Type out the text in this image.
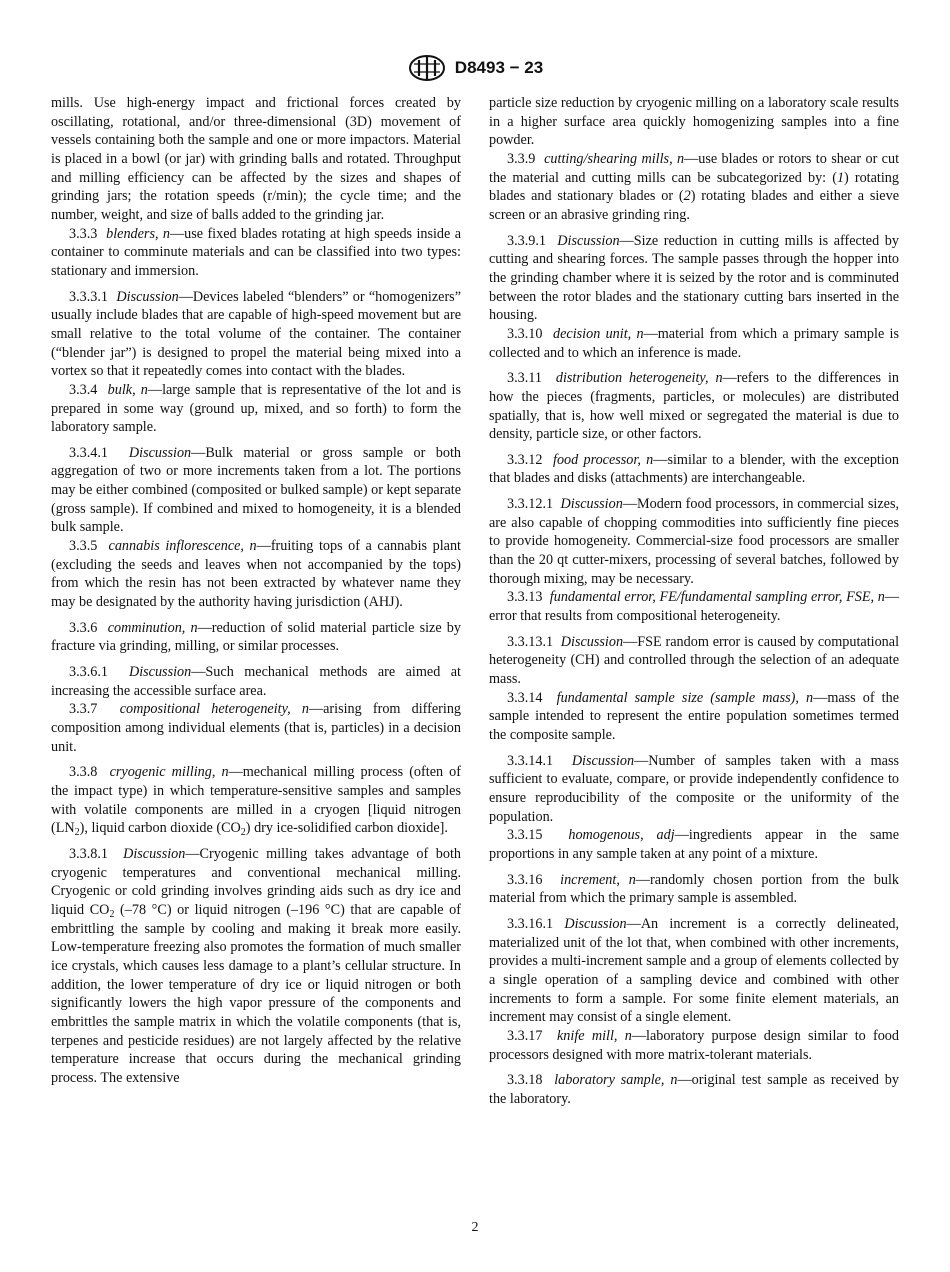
D8493 − 23

mills. Use high-energy impact and frictional forces created by oscillating, rotational, and/or three-dimensional (3D) movement of vessels containing both the sample and one or more impactors. Material is placed in a bowl (or jar) with grinding balls and rotated. Throughput and milling efficiency can be affected by the sizes and shapes of grinding jars; the rotation speeds (r/min); the cycle time; and the number, weight, and size of balls added to the grinding jar.

3.3.3 blenders, n—use fixed blades rotating at high speeds inside a container to comminute materials and can be classified into two types: stationary and immersion.

3.3.3.1 Discussion—Devices labeled “blenders” or “homogenizers” usually include blades that are capable of high-speed movement but are small relative to the total volume of the container. The container (“blender jar”) is designed to propel the material being mixed into a vortex so that it repeatedly comes into contact with the blades.

3.3.4 bulk, n—large sample that is representative of the lot and is prepared in some way (ground up, mixed, and so forth) to form the laboratory sample.

3.3.4.1 Discussion—Bulk material or gross sample or both aggregation of two or more increments taken from a lot. The portions may be either combined (composited or bulked sample) or kept separate (gross sample). If combined and mixed to homogeneity, it is a blended bulk sample.

3.3.5 cannabis inflorescence, n—fruiting tops of a cannabis plant (excluding the seeds and leaves when not accompanied by the tops) from which the resin has not been extracted by whatever name they may be designated by the authority having jurisdiction (AHJ).

3.3.6 comminution, n—reduction of solid material particle size by fracture via grinding, milling, or similar processes.

3.3.6.1 Discussion—Such mechanical methods are aimed at increasing the accessible surface area.

3.3.7 compositional heterogeneity, n—arising from differing composition among individual elements (that is, particles) in a decision unit.

3.3.8 cryogenic milling, n—mechanical milling process (often of the impact type) in which temperature-sensitive samples and samples with volatile components are milled in a cryogen [liquid nitrogen $(LN_2)$, liquid carbon dioxide $(CO_2)$ dry ice-solidified carbon dioxide].

3.3.8.1 Discussion—Cryogenic milling takes advantage of both cryogenic temperatures and conventional mechanical milling. Cryogenic or cold grinding involves grinding aids such as dry ice and liquid $CO_2$ (–78 °C) or liquid nitrogen (–196 °C) that are capable of embrittling the sample by cooling and making it break more easily. Low-temperature freezing also promotes the formation of much smaller ice crystals, which causes less damage to a plant’s cellular structure. In addition, the lower temperature of dry ice or liquid nitrogen or both significantly lowers the high vapor pressure of the components and embrittles the sample matrix in which the volatile components (that is, terpenes and pesticide residues) are not largely affected by the relative temperature increase that occurs during the mechanical grinding process. The extensive

particle size reduction by cryogenic milling on a laboratory scale results in a higher surface area quickly homogenizing samples into a fine powder.

3.3.9 cutting/shearing mills, n—use blades or rotors to shear or cut the material and cutting mills can be subcategorized by: (1) rotating blades and stationary blades or (2) rotating blades and either a sieve screen or an abrasive grinding ring.

3.3.9.1 Discussion—Size reduction in cutting mills is affected by cutting and shearing forces. The sample passes through the hopper into the grinding chamber where it is seized by the rotor and is comminuted between the rotor blades and the stationary cutting bars inserted in the housing.

3.3.10 decision unit, n—material from which a primary sample is collected and to which an inference is made.

3.3.11 distribution heterogeneity, n—refers to the differences in how the pieces (fragments, particles, or molecules) are distributed spatially, that is, how well mixed or segregated the material is due to density, particle size, or other factors.

3.3.12 food processor, n—similar to a blender, with the exception that blades and disks (attachments) are interchangeable.

3.3.12.1 Discussion—Modern food processors, in commercial sizes, are also capable of chopping commodities into sufficiently fine pieces to provide homogeneity. Commercial-size food processors are smaller than the 20 qt cutter-mixers, processing of several batches, followed by thorough mixing, may be necessary.

3.3.13 fundamental error, FE/fundamental sampling error, FSE, n—error that results from compositional heterogeneity.

3.3.13.1 Discussion—FSE random error is caused by computational heterogeneity (CH) and controlled through the selection of an adequate mass.

3.3.14 fundamental sample size (sample mass), n—mass of the sample intended to represent the entire population sometimes termed the composite sample.

3.3.14.1 Discussion—Number of samples taken with a mass sufficient to evaluate, compare, or provide independently confidence to ensure reproducibility of the composite or the uniformity of the population.

3.3.15 homogenous, adj—ingredients appear in the same proportions in any sample taken at any point of a mixture.

3.3.16 increment, n—randomly chosen portion from the bulk material from which the primary sample is assembled.

3.3.16.1 Discussion—An increment is a correctly delineated, materialized unit of the lot that, when combined with other increments, provides a multi-increment sample and a group of elements collected by a single operation of a sampling device and combined with other increments to form a sample. For some finite element materials, an increment may consist of a single element.

3.3.17 knife mill, n—laboratory purpose design similar to food processors designed with more matrix-tolerant materials.

3.3.18 laboratory sample, n—original test sample as received by the laboratory.

2
